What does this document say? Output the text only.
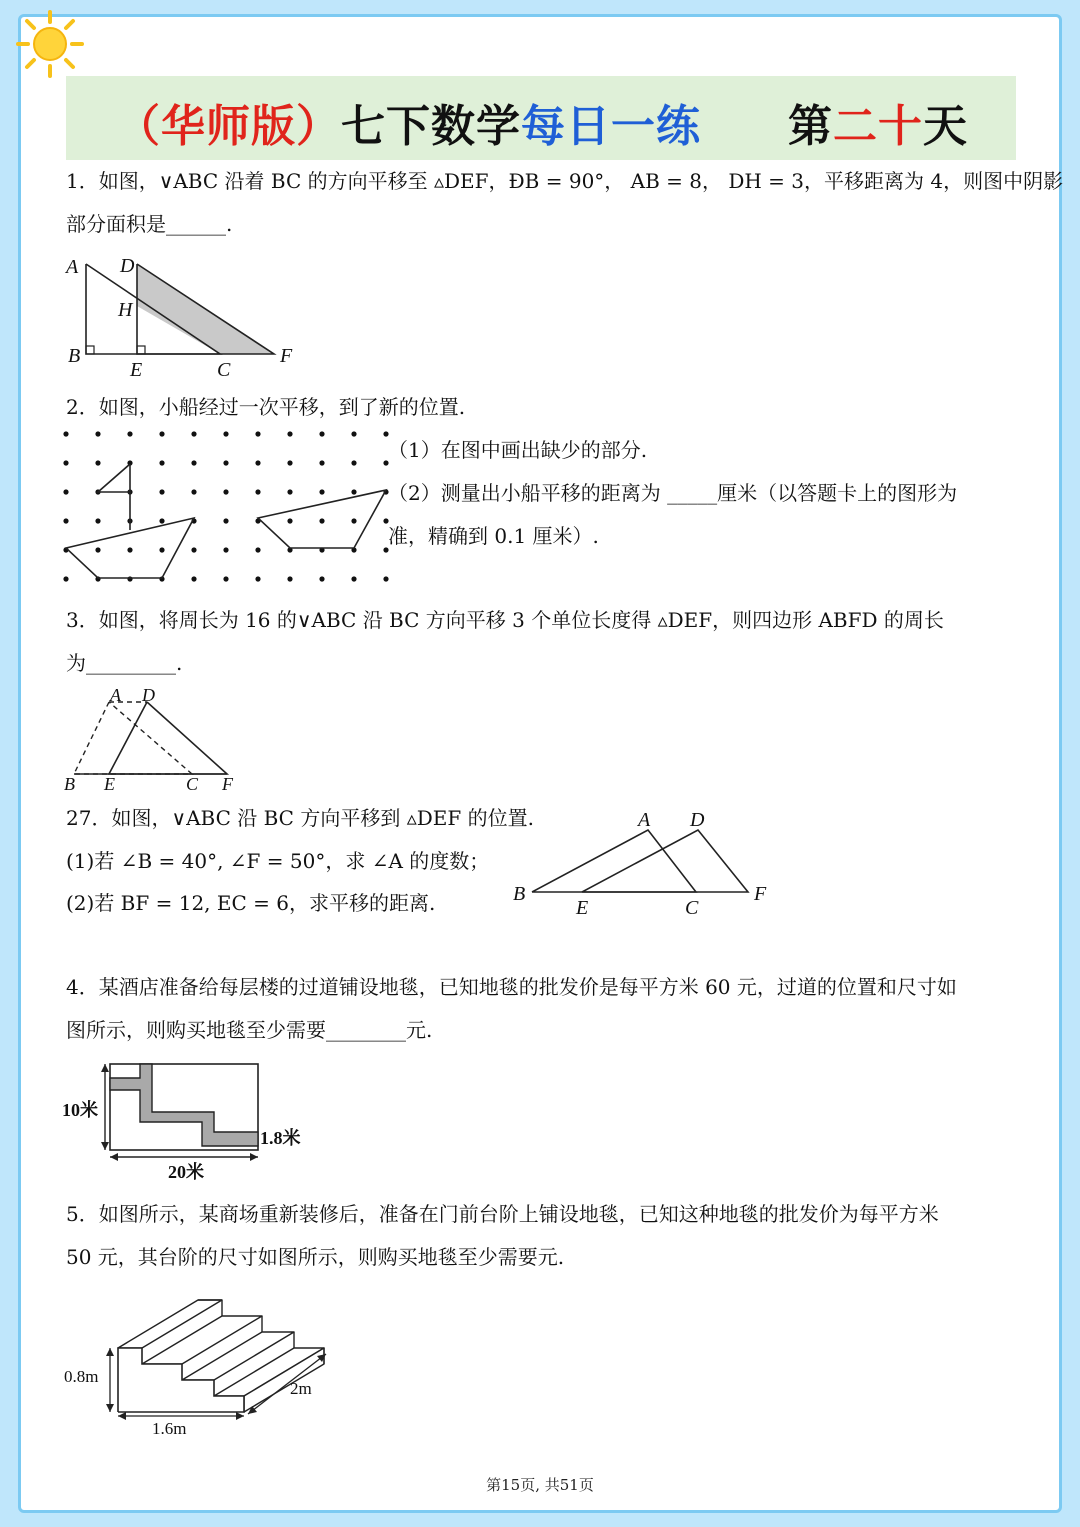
（华师版）七下数学每日一练 第二十天
1．如图，∨ABC 沿着 BC 的方向平移至 ▵DEF，ÐB = 90°， AB = 8， DH = 3，平移距离为 4，则图中阴影
部分面积是______.
A D
H
B
E	C
F
2．如图，小船经过一次平移，到了新的位置.
（1）在图中画出缺少的部分.
（2）测量出小船平移的距离为 _____厘米（以答题卡上的图形为
准，精确到 0.1 厘米）.
3．如图，将周长为 16 的∨ABC 沿 BC 方向平移 3 个单位长度得 ▵DEF，则四边形 ABFD 的周长
为_________.
A D
B E	C F
27．如图，∨ABC 沿 BC 方向平移到 ▵DEF 的位置.
(1)若 ∠B = 40°, ∠F = 50°，求 ∠A 的度数；
(2)若 BF = 12, EC = 6，求平移的距离.
A D
B
E	C
F
4．某酒店准备给每层楼的过道铺设地毯，已知地毯的批发价是每平方米 60 元，过道的位置和尺寸如
图所示，则购买地毯至少需要________元.
10米
20米
1.8米
5．如图所示，某商场重新装修后，准备在门前台阶上铺设地毯，已知这种地毯的批发价为每平方米
50 元，其台阶的尺寸如图所示，则购买地毯至少需要元.
0.8m
1.6m
2m
第15页, 共51页
